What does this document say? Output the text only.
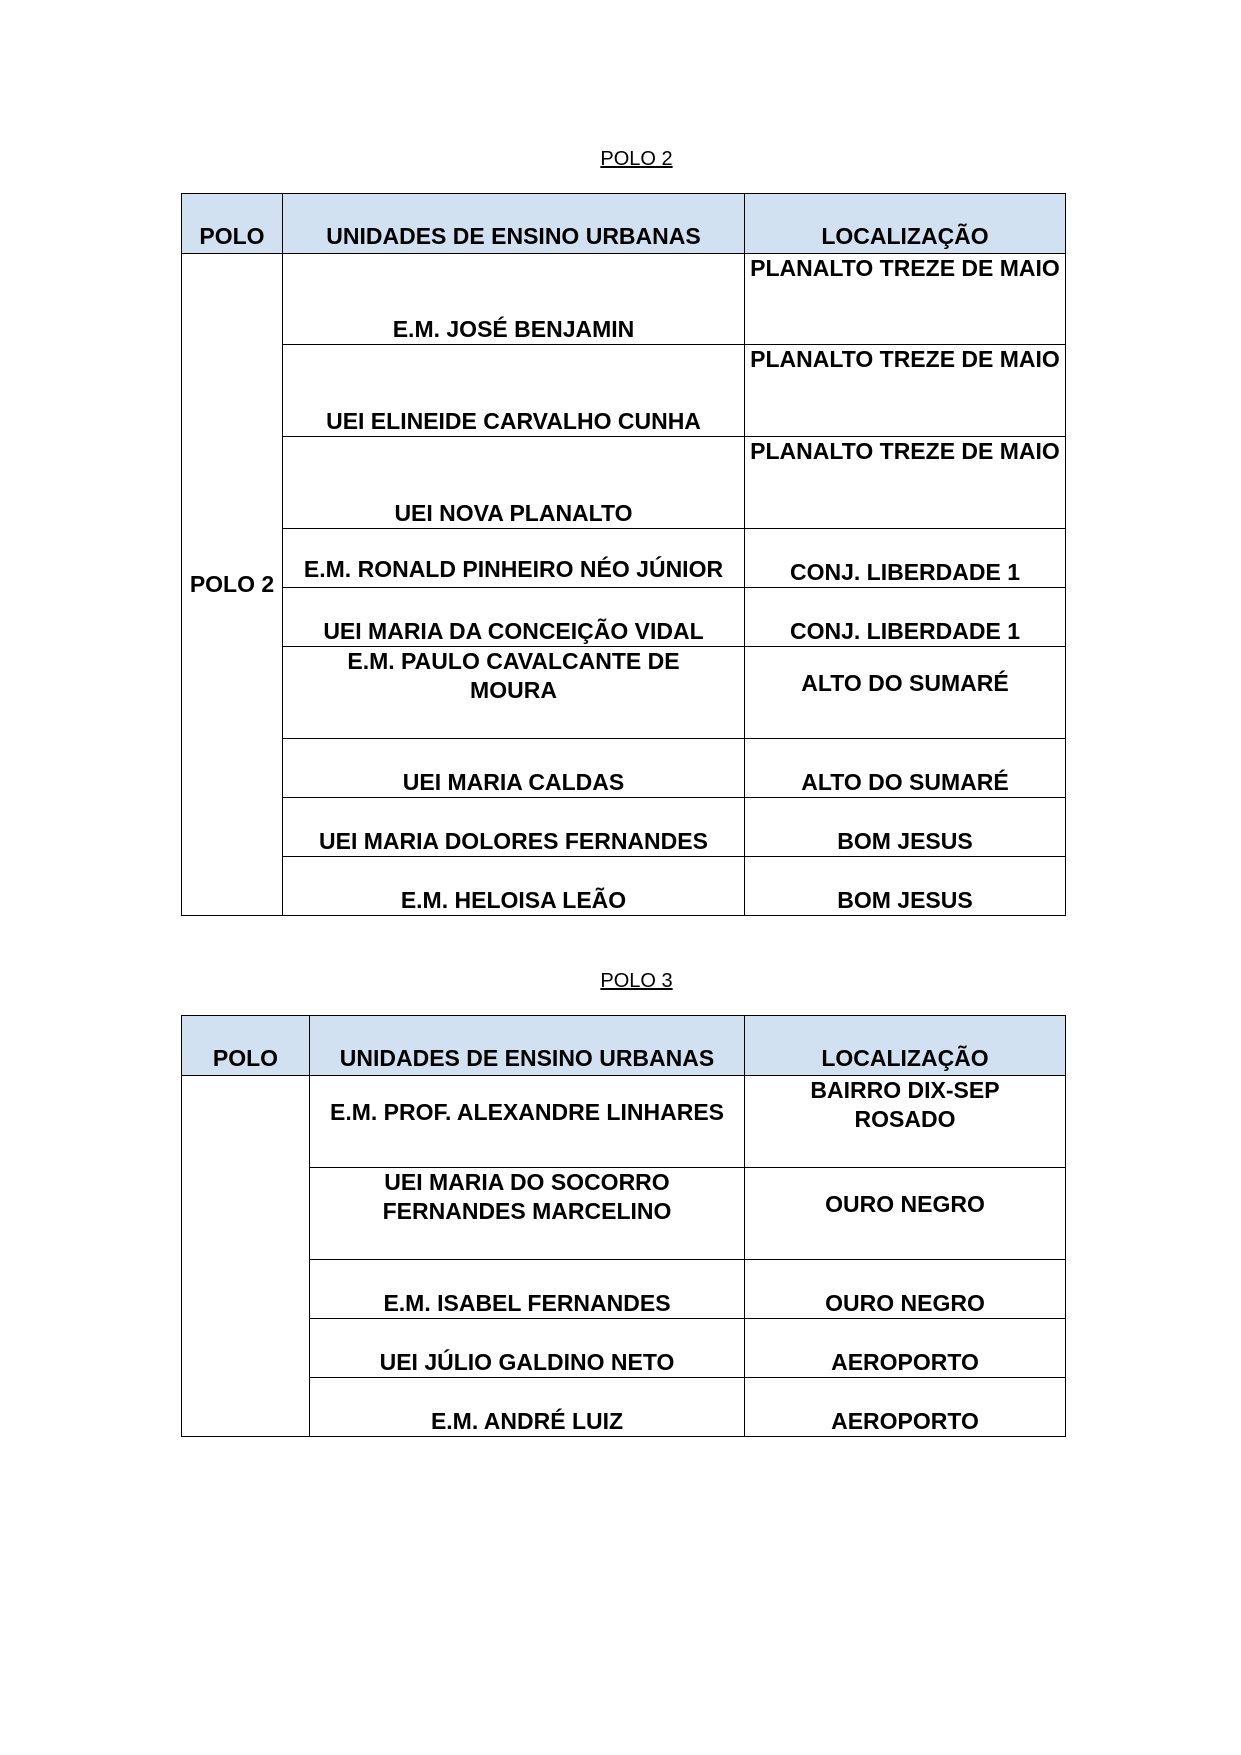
POLO 2
POLO	UNIDADES DE ENSINO URBANAS	LOCALIZAÇÃO
POLO 2	E.M. JOSÉ BENJAMIN	PLANALTO TREZE DE MAIO
	UEI ELINEIDE CARVALHO CUNHA	PLANALTO TREZE DE MAIO
	UEI NOVA PLANALTO	PLANALTO TREZE DE MAIO
	E.M. RONALD PINHEIRO NÉO JÚNIOR	CONJ. LIBERDADE 1
	UEI MARIA DA CONCEIÇÃO VIDAL	CONJ. LIBERDADE 1
	E.M. PAULO CAVALCANTE DE MOURA	ALTO DO SUMARÉ
	UEI MARIA CALDAS	ALTO DO SUMARÉ
	UEI MARIA DOLORES FERNANDES	BOM JESUS
	E.M. HELOISA LEÃO	BOM JESUS
POLO 3
POLO	UNIDADES DE ENSINO URBANAS	LOCALIZAÇÃO
	E.M. PROF. ALEXANDRE LINHARES	BAIRRO DIX-SEP ROSADO
	UEI MARIA DO SOCORRO FERNANDES MARCELINO	OURO NEGRO
	E.M. ISABEL FERNANDES	OURO NEGRO
	UEI JÚLIO GALDINO NETO	AEROPORTO
	E.M. ANDRÉ LUIZ	AEROPORTO
